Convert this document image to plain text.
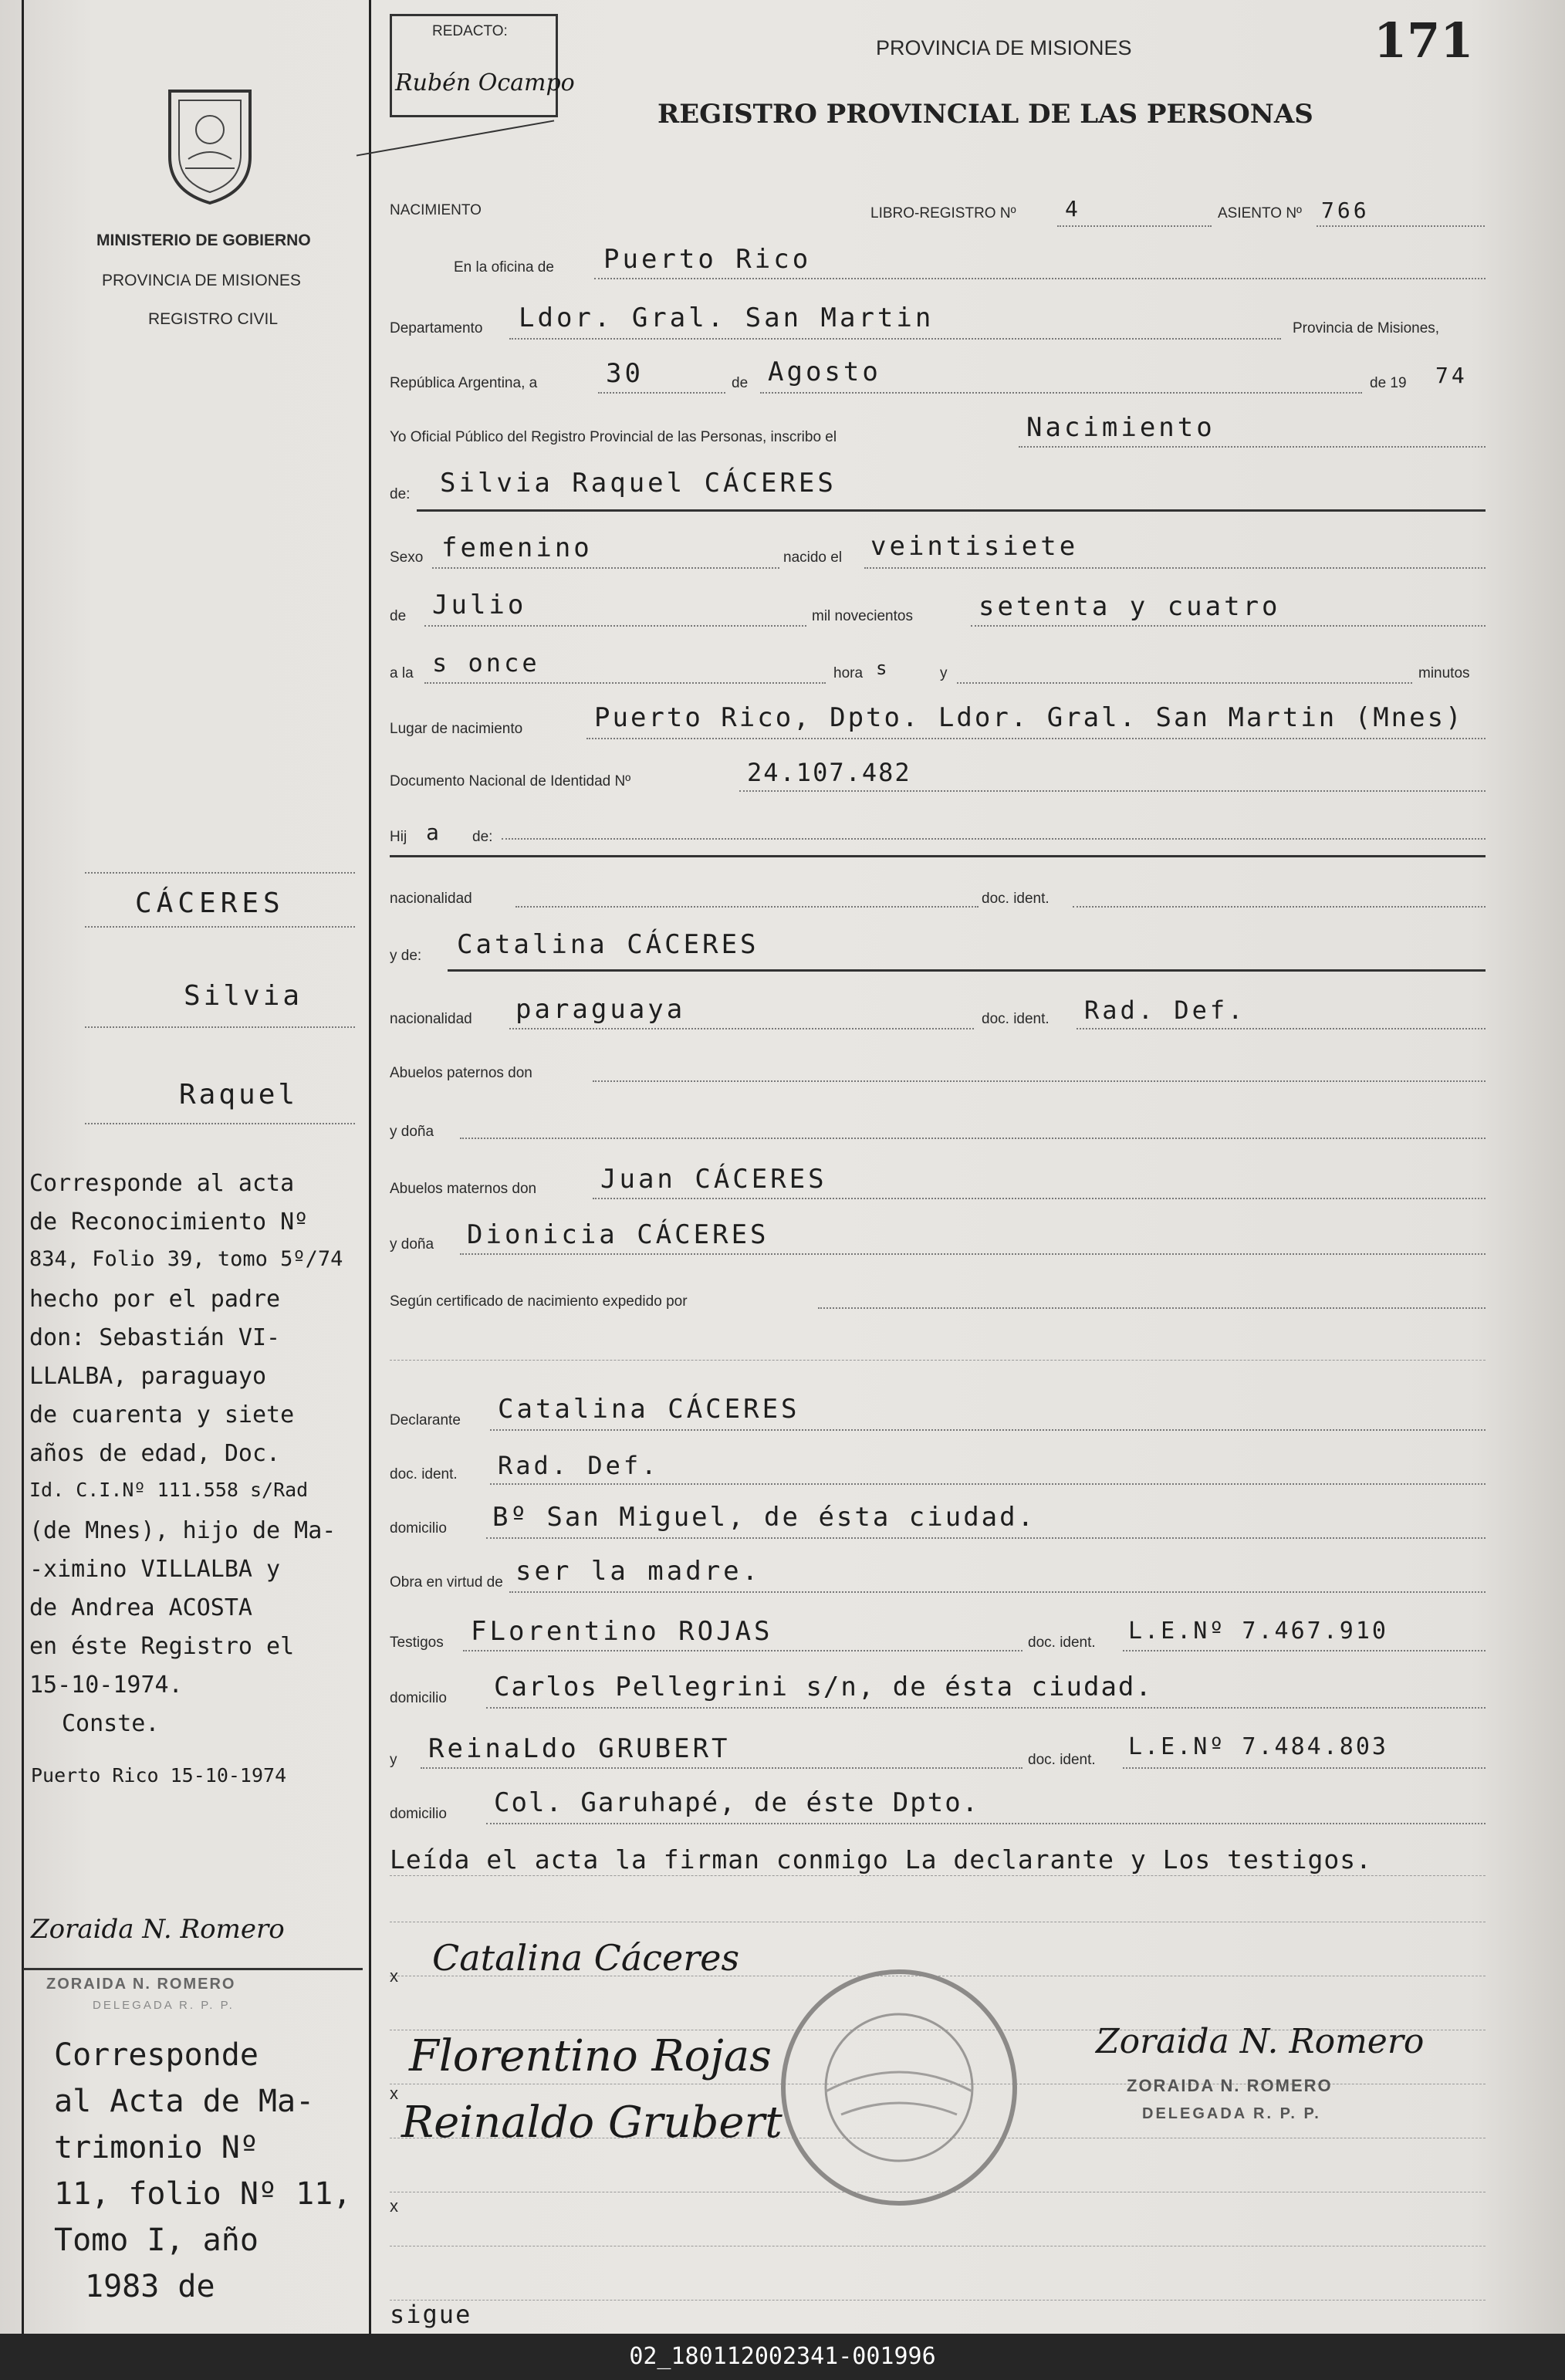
MINISTERIO DE GOBIERNO
PROVINCIA DE MISIONES
REGISTRO CIVIL
REDACTO:
Rubén Ocampo
PROVINCIA DE MISIONES
REGISTRO PROVINCIAL DE LAS PERSONAS
171
NACIMIENTO	LIBRO-REGISTRO Nº 4	ASIENTO Nº 766
En la oficina de Puerto Rico
Departamento Ldor. Gral. San Martin	Provincia de Misiones,
República Argentina, a	30	de Agosto	de 19 74
Yo Oficial Público del Registro Provincial de las Personas, inscribo el	Nacimiento
de: Silvia Raquel CÁCERES
Sexo femenino	nacido el veintisiete
de Julio	mil novecientos	setenta y cuatro
a la s once	hora s	y	minutos
Lugar de nacimiento	Puerto Rico, Dpto. Ldor. Gral. San Martin (Mnes)
Documento Nacional de Identidad Nº	24.107.482
Hij a de:
nacionalidad	doc. ident.
y de: Catalina CÁCERES
nacionalidad paraguaya	doc. ident. Rad. Def.
Abuelos paternos don
y doña
Abuelos maternos don Juan CÁCERES
y doña Dionicia CÁCERES
Según certificado de nacimiento expedido por
Declarante Catalina CÁCERES
doc. ident. Rad. Def.
domicilio Bº San Miguel, de ésta ciudad.
Obra en virtud de ser la madre.
Testigos FLorentino ROJAS	doc. ident. L.E.Nº 7.467.910
domicilio Carlos Pellegrini s/n, de ésta ciudad.
y ReinaLdo GRUBERT	doc. ident. L.E.Nº 7.484.803
domicilio Col. Garuhapé, de éste Dpto.
Leída el acta la firman conmigo La declarante y Los testigos.
x Catalina Cáceres
x
Florentino Rojas
Reinaldo Grubert
x
sigue
Zoraida N. Romero
ZORAIDA N. ROMERO
DELEGADA R. P. P.
CÁCERES
Silvia
Raquel
Corresponde al acta
de Reconocimiento Nº
834, Folio 39, tomo 5º/74
hecho por el padre
don: Sebastián VI-
LLALBA, paraguayo
de cuarenta y siete
años de edad, Doc.
Id. C.I.Nº 111.558 s/Rad
(de Mnes), hijo de Ma-
-ximino VILLALBA y
de Andrea ACOSTA
en éste Registro el
15-10-1974.
Conste.
Puerto Rico 15-10-1974
Zoraida N. Romero
ZORAIDA N. ROMERO
DELEGADA R. P. P.
Corresponde
al Acta de Ma-
trimonio Nº
11, folio Nº 11,
Tomo I, año
1983 de
02_180112002341-001996
